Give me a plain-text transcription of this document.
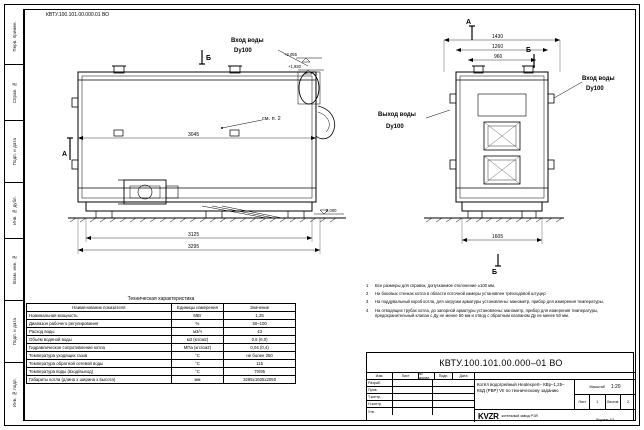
Перв. примен.
Справ. №
Подп. и дата
Инв. № дубл.
Взам. инв. №
Подп. и дата
Инв. № подл.
Б
А
см. п. 2
Вход воды
Dy100
+2,055
+1,930
0,000
3045
3125
3295
А
Б
Б
Вход воды
Dy100
Выход воды
Dy100
1430
1260
960
1605
КВТУ.100.101.00.000.01 ВО
1	Все размеры для справок, допускаемое отклонение ±100 мм.
2	На боковых стенках котла в области поточной камеры установлен трёхходовой штуцер
3	На поддувальный короб котла, для загрузки арматуры установлены: манометр, прибор для измерения температуры.
4	На отводящих трубах котла, до запорной арматуры установлены: манометр, прибор для измерения температуры, предохранительный клапан с Ду не менее 50 мм и отвод с обратным клапаном Ду не менее 50 мм.
Техническая характеристика
Наименование показателя	Единицы измерения	Значение
Номинальная мощность	МВт	1,25
Диапазон рабочего регулирования	%	50–100
Расход воды	м3/ч	43
Объём водяной воды	м3 (кг/см2)	0,6 (6,0)
Гидравлическое сопротивление котла	МПа (кгс/см2)	0,04 (0,4)
Температура уходящих газов	°С	не более 250
Температура обратной сетевой воды	°С	115
Температура воды (вход/выход)	°С	70/95
Габариты котла (длина х ширина х высота)	мм	3295х1605х2050
КВТУ.100.101.00.000–01 ВО
Изм.	Лист	№ докум.	Подп.	Дата
Разраб.
Пров.
Т.контр.
Н.контр.
Утв.
Котёл водогрейный Heatexpert– КВр–1,25–К6Д (РВР) VII по техническому заданию
Масштаб 1:20
Лист	1	Листов	2
KVZR котельный завод РЭЛ
Формат А3
